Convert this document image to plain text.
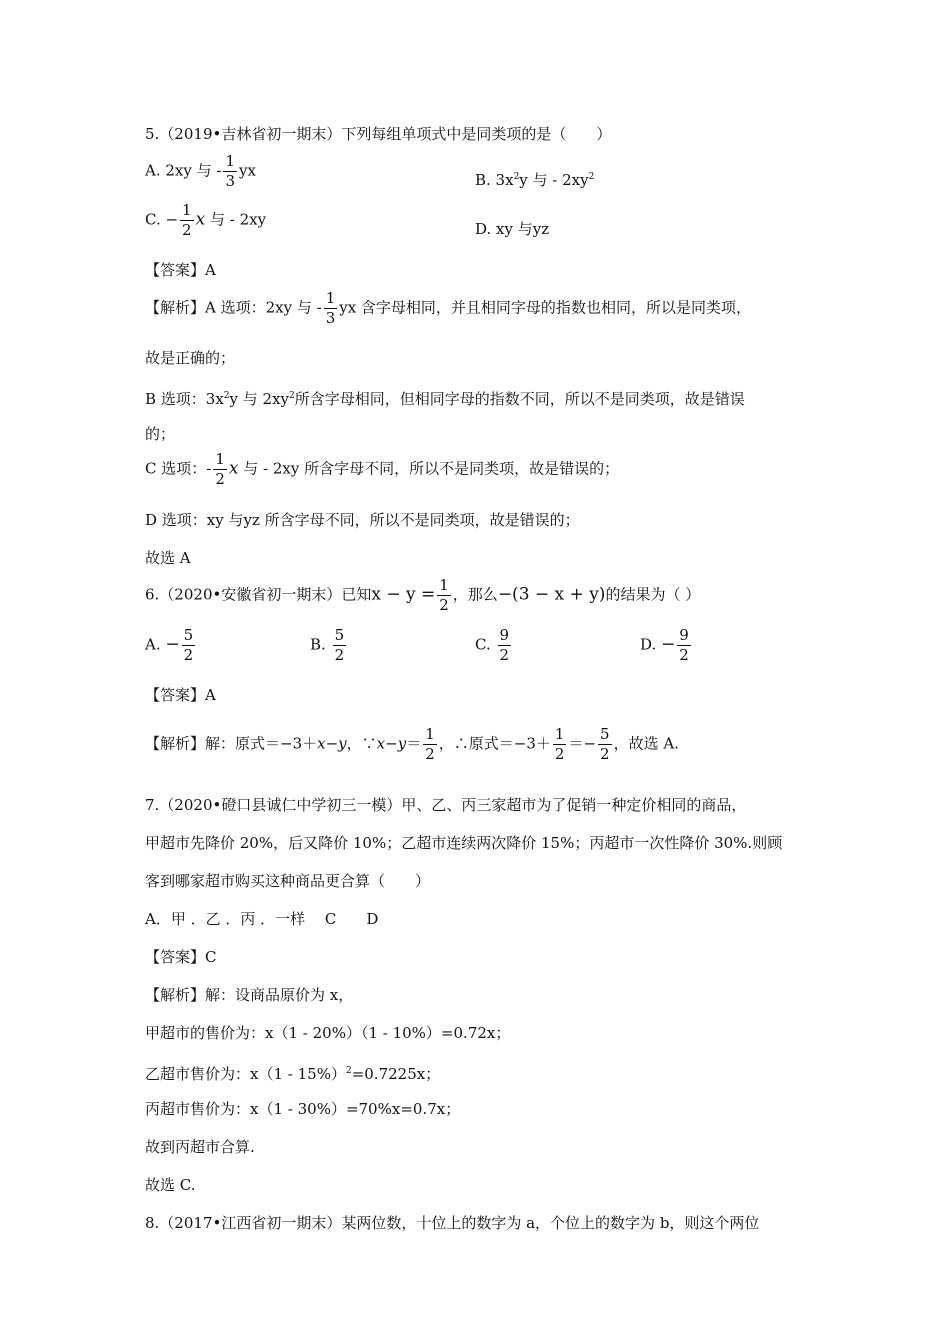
5.（2019•吉林省初一期末）下列每组单项式中是同类项的是（　　）
A. 2xy 与 - $\frac{1}{3}$ yx
B. $3x^2y$ 与 - $2xy^2$
C. − $\frac{1}{2}$ x 与 - 2xy
D. xy 与yz
【答案】A
【解析】A 选项：2xy 与 - $\frac{1}{3}$ yx 含字母相同，并且相同字母的指数也相同，所以是同类项，
故是正确的；
B 选项：$3x^2y$ 与 $2xy^2$所含字母相同，但相同字母的指数不同，所以不是同类项，故是错误
的；
C 选项：- $\frac{1}{2}$ x 与 - 2xy 所含字母不同，所以不是同类项，故是错误的；
D 选项：xy 与yz 所含字母不同，所以不是同类项，故是错误的；
故选 A
6.（2020•安徽省初一期末）已知$x - y = \frac{1}{2}$ ，那么−(3 − x + y)的结果为（ ）
A. − $\frac{5}{2}$	B. $\frac{5}{2}$	C. $\frac{9}{2}$	D. − $\frac{9}{2}$
【答案】A
【解析】解：原式＝−3＋x−y，∵x−y＝ $\frac{1}{2}$ ，∴原式$=-3+ \frac{1}{2} =- \frac{5}{2}$ ，故选 A.
7.（2020•磴口县诚仁中学初三一模）甲、乙、丙三家超市为了促销一种定价相同的商品，
甲超市先降价 20%，后又降价 10%；乙超市连续两次降价 15%；丙超市一次性降价 30%.则顾
客到哪家超市购买这种商品更合算（　　）
A．甲 ．乙 ．丙 ．一样　 C　　D
【答案】C
【解析】解：设商品原价为 x，
甲超市的售价为：x（1 - 20%）（1 - 10%）=0.72x；
乙超市售价为：x（1 - 15%）$^2$=0.7225x；
丙超市售价为：x（1 - 30%）=70%x=0.7x；
故到丙超市合算.
故选 C.
8.（2017•江西省初一期末）某两位数，十位上的数字为 a，个位上的数字为 b，则这个两位
